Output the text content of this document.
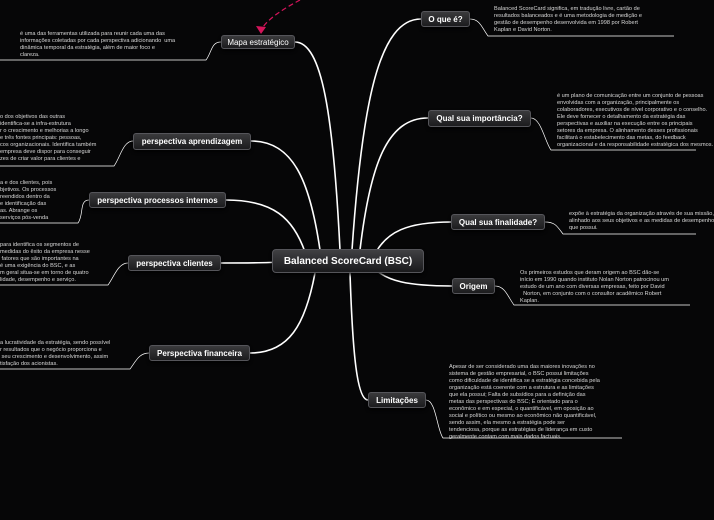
Balanced ScoreCard (BSC)
O que é?
Balanced ScoreCard significa, em tradução livre, cartão de
resultados balanceados e é uma metodologia de medição e
gestão de desempenho desenvolvida em 1998 por Robert
Kaplan e David Norton.
Qual sua importância?
é um plano de comunicação entre um conjunto de pessoas
envolvidas com a organização, principalmente os
colaboradores, executivos de nível corporativo e o conselho.
Ele deve fornecer o detalhamento da estratégia das
perspectivas e auxiliar na execução entre os principais
setores da empresa. O alinhamento desses profissionais
facilitará o estabelecimento das metas, do feedback
organizacional e da responsabilidade estratégica dos mesmos.
Qual sua finalidade?
expõe à estratégia da organização através de sua missão,
alinhado aos seus objetivos e as medidas de desempenho
que possui.
Origem
Os primeiros estudos que deram origem ao BSC dão-se
início em 1990 quando instituto Nolan Norton patrocinou um
estudo de um ano com diversas empresas, feito por David
Norton, em conjunto com o consultor acadêmico Robert
Kaplan.
Limitações
Apesar de ser considerado uma das maiores inovações no
sistema de gestão empresarial, o BSC possui limitações
como dificuldade de identifica se a estratégia concebida pela
organização está coerente com a estrutura e as limitações
que ela possui; Falta de subsídios para a definição das
metas das perspectivas do BSC; É orientado para o
econômico e em especial, o quantificável, em oposição ao
social e político ou mesmo ao econômico não quantificável,
sendo assim, ela mesmo a estratégia pode ser
tendenciosa, porque as estratégias de liderança em custo
geralmente contam com mais dados factuais.
Mapa estratégico
é uma das ferramentas utilizada para reunir cada uma das
informações coletadas por cada perspectiva adicionando  uma
dinâmica temporal da estratégia, além de maior foco e
clareza.
perspectiva aprendizagem
o dos objetivos das outras
identifica-se a infra-estrutura
r o crescimento e melhorias a longo
e três fontes principais: pessoas,
cos organizacionais. Identifica também
empresa deve dispor para conseguir
zes de criar valor para clientes e
perspectiva processos internos
a e dos clientes, pois
bjetivos. Os processos
reendidos dentro da
e identificação das
as. Abrange os
serviços pós-venda
perspectiva clientes
para identifica os segmentos de
medidas do êxito da empresa nesse
fatores que são importantes na
é uma exigência do BSC, e as
m geral situa-se em torno de quatro
lidade, desempenho e serviço.
Perspectiva financeira
a lucratividade da estratégia, sendo possível
r resultados que o negócio proporciona e
seu crescimento e desenvolvimento, assim
tisfação dos acionistas.
